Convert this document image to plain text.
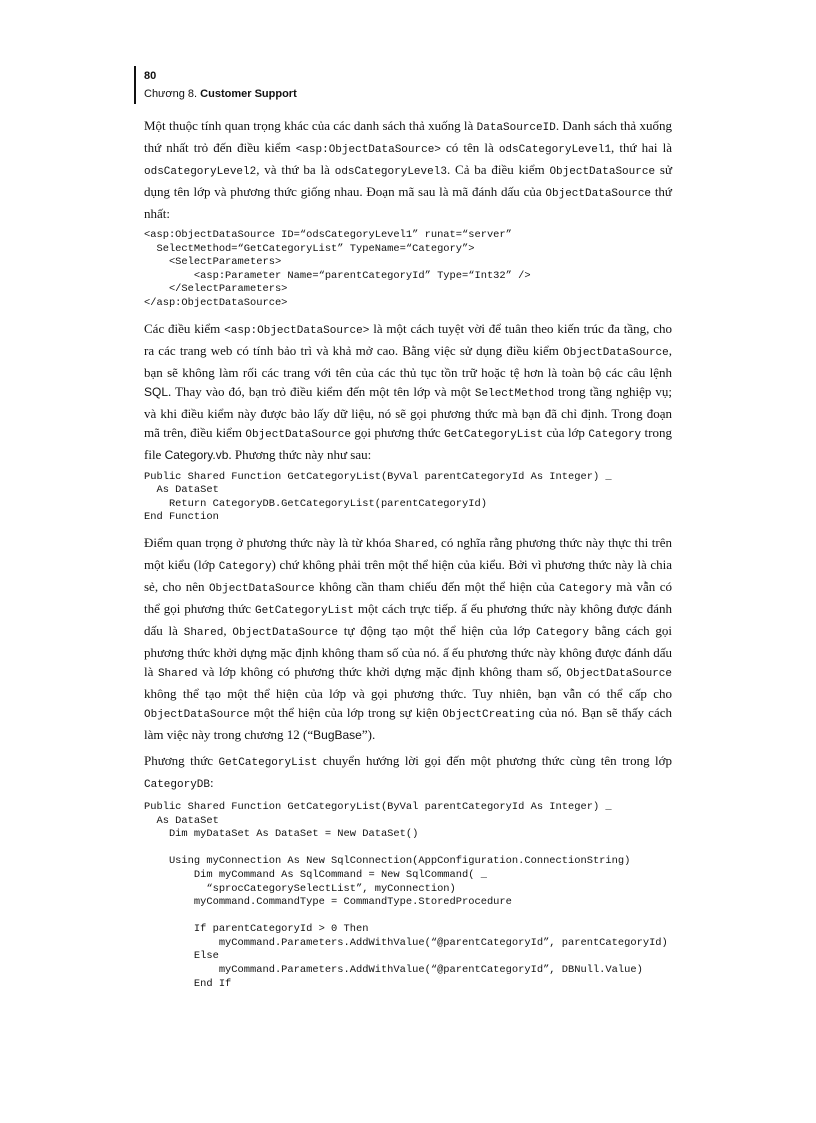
80
Chương 8. Customer Support

Một thuộc tính quan trọng khác của các danh sách thả xuống là DataSourceID. Danh sách thả xuống thứ nhất trỏ đến điều kiểm <asp:ObjectDataSource> có tên là odsCategoryLevel1, thứ hai là odsCategoryLevel2, và thứ ba là odsCategoryLevel3. Cả ba điều kiểm ObjectDataSource sử dụng tên lớp và phương thức giống nhau. Đoạn mã sau là mã đánh dấu của ObjectDataSource thứ nhất:

<asp:ObjectDataSource ID=“odsCategoryLevel1” runat=“server”
SelectMethod=“GetCategoryList” TypeName=“Category”>
<SelectParameters>
<asp:Parameter Name=“parentCategoryId” Type=“Int32” />
</SelectParameters>
</asp:ObjectDataSource>

Các điều kiểm <asp:ObjectDataSource> là một cách tuyệt vời để tuân theo kiến trúc đa tầng, cho ra các trang web có tính bảo trì và khả mở cao. Bằng việc sử dụng điều kiểm ObjectDataSource, bạn sẽ không làm rối các trang với tên của các thủ tục tồn trữ hoặc tệ hơn là toàn bộ các câu lệnh SQL. Thay vào đó, bạn trỏ điều kiểm đến một tên lớp và một SelectMethod trong tầng nghiệp vụ; và khi điều kiểm này được bảo lấy dữ liệu, nó sẽ gọi phương thức mà bạn đã chỉ định. Trong đoạn mã trên, điều kiểm ObjectDataSource gọi phương thức GetCategoryList của lớp Category trong file Category.vb. Phương thức này như sau:

Public Shared Function GetCategoryList(ByVal parentCategoryId As Integer) _
As DataSet
Return CategoryDB.GetCategoryList(parentCategoryId)
End Function

Điểm quan trọng ở phương thức này là từ khóa Shared, có nghĩa rằng phương thức này thực thi trên một kiểu (lớp Category) chứ không phải trên một thể hiện của kiểu. Bởi vì phương thức này là chia sẻ, cho nên ObjectDataSource không cần tham chiếu đến một thể hiện của Category mà vẫn có thể gọi phương thức GetCategoryList một cách trực tiếp. ấ ếu phương thức này không được đánh dấu là Shared, ObjectDataSource tự động tạo một thể hiện của lớp Category bằng cách gọi phương thức khởi dựng mặc định không tham số của nó. ấ ếu phương thức này không được đánh dấu là Shared và lớp không có phương thức khởi dựng mặc định không tham số, ObjectDataSource không thể tạo một thể hiện của lớp và gọi phương thức. Tuy nhiên, bạn vẫn có thể cấp cho ObjectDataSource một thể hiện của lớp trong sự kiện ObjectCreating của nó. Bạn sẽ thấy cách làm việc này trong chương 12 (“BugBase”).

Phương thức GetCategoryList chuyển hướng lời gọi đến một phương thức cùng tên trong lớp CategoryDB:

Public Shared Function GetCategoryList(ByVal parentCategoryId As Integer) _
As DataSet
Dim myDataSet As DataSet = New DataSet()

Using myConnection As New SqlConnection(AppConfiguration.ConnectionString)
Dim myCommand As SqlCommand = New SqlCommand( _
“sprocCategorySelectList”, myConnection)
myCommand.CommandType = CommandType.StoredProcedure

If parentCategoryId > 0 Then
myCommand.Parameters.AddWithValue(“@parentCategoryId”, parentCategoryId)
Else
myCommand.Parameters.AddWithValue(“@parentCategoryId”, DBNull.Value)
End If
